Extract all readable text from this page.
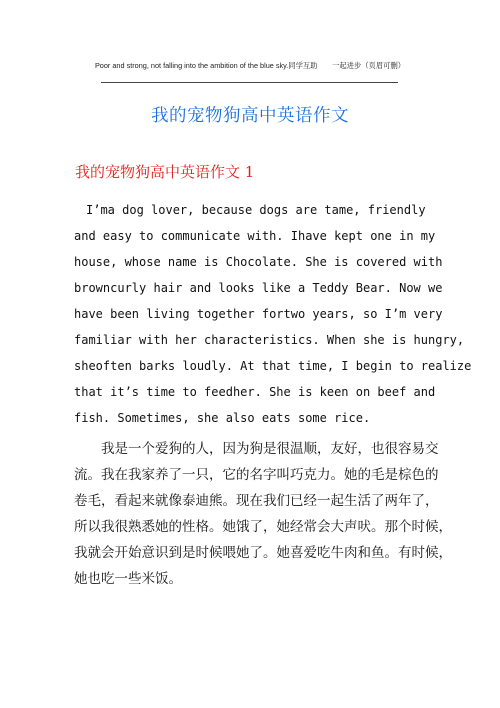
Poor and strong, not falling into the ambition of the blue sky.同学互助　　一起进步（页眉可删）
我的宠物狗高中英语作文
我的宠物狗高中英语作文 1
　I’ma dog lover, because dogs are tame, friendly
and easy to communicate with. Ihave kept one in my
house, whose name is Chocolate. She is covered with
browncurly hair and looks like a Teddy Bear. Now we
have been living together fortwo years, so I’m very
familiar with her characteristics. When she is hungry,
sheoften barks loudly. At that time, I begin to realize
that it’s time to feedher. She is keen on beef and
fish. Sometimes, she also eats some rice.
　　我是一个爱狗的人，因为狗是很温顺，友好，也很容易交
流。我在我家养了一只，它的名字叫巧克力。她的毛是棕色的
卷毛，看起来就像泰迪熊。现在我们已经一起生活了两年了，
所以我很熟悉她的性格。她饿了，她经常会大声吠。那个时候，
我就会开始意识到是时候喂她了。她喜爱吃牛肉和鱼。有时候，
她也吃一些米饭。
